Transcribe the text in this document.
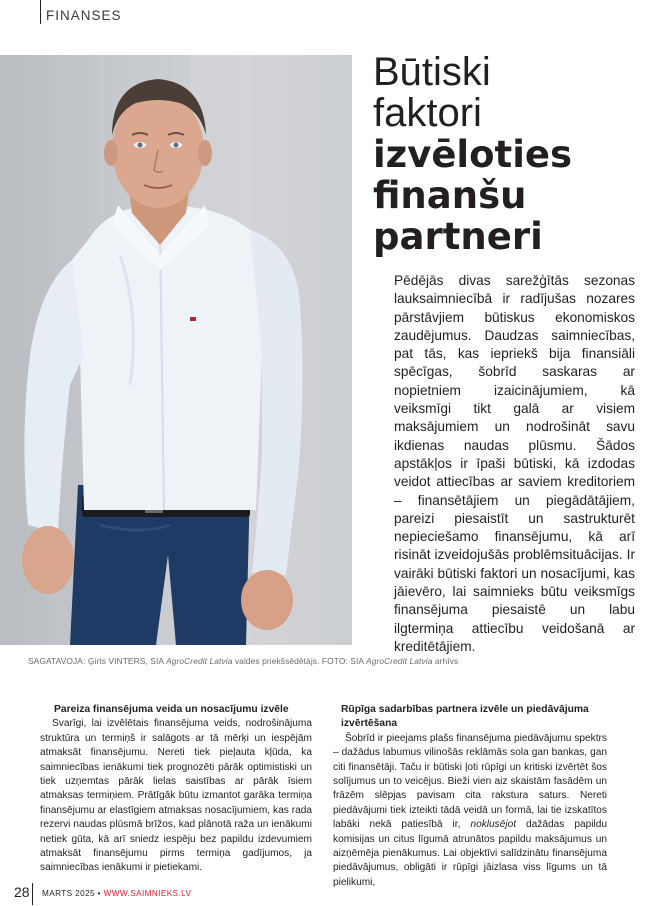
FINANSES
Būtiski
faktori
izvēloties
finanšu
partneri

Pēdējās divas sarežģītās sezonas lauksaimniecībā ir radījušas nozares pārstāvjiem būtiskus ekonomiskos zaudējumus. Daudzas saimniecības, pat tās, kas iepriekš bija finansiāli spēcīgas, šobrīd saskaras ar nopietniem izaicinājumiem, kā veiksmīgi tikt galā ar visiem maksājumiem un nodrošināt savu ikdienas naudas plūsmu. Šādos apstākļos ir īpaši būtiski, kā izdodas veidot attiecības ar saviem kreditoriem – finansētājiem un piegādātājiem, pareizi piesaistīt un sastrukturēt nepieciešamo finansējumu, kā arī risināt izveidojušās problēmsituācijas. Ir vairāki būtiski faktori un nosacījumi, kas jāievēro, lai saimnieks būtu veiksmīgs finansējuma piesaistē un labu ilgtermiņa attiecību veidošanā ar kreditētājiem.

SAGATAVOJA: Ģirts VINTERS, SIA AgroCredit Latvia valdes priekšsēdētājs. FOTO: SIA AgroCredit Latvia arhīvs
Pareiza finansējuma veida un nosacījumu izvēle

Svarīgi, lai izvēlētais finansējuma veids, nodrošinājuma struktūra un termiņš ir salāgots ar tā mērķi un iespējām atmaksāt finansējumu. Nereti tiek pieļauta kļūda, ka saimniecības ienākumi tiek prognozēti pārāk optimistiski un tiek uzņemtas pārāk lielas saistības ar pārāk īsiem atmaksas termiņiem. Prātīgāk būtu izmantot garāka termiņa finansējumu ar elastīgiem atmaksas nosacījumiem, kas rada rezervi naudas plūsmā brīžos, kad plānotā raža un ienākumi netiek gūta, kā arī sniedz iespēju bez papildu izdevumiem atmaksāt finansējumu pirms termiņa gadījumos, ja saimniecības ienākumi ir pietiekami.

Rūpīga sadarbības partnera izvēle un piedāvājuma izvērtēšana

Šobrīd ir pieejams plašs finansējuma piedāvājumu spektrs – dažādus labumus vilinošās reklāmās sola gan bankas, gan citi finansētāji. Taču ir būtiski ļoti rūpīgi un kritiski izvērtēt šos solījumus un to veicējus. Bieži vien aiz skaistām fasādēm un frāzēm slēpjas pavisam cita rakstura saturs. Nereti piedāvājumi tiek izteikti tādā veidā un formā, lai tie izskatītos labāki nekā patiesībā ir, noklusējot dažādas papildu komisijas un citus līgumā atrunātos papildu maksājumus un aizņēmēja pienākumus. Lai objektīvi salīdzinātu finansējuma piedāvājumus, obligāti ir rūpīgi jāizlasa viss līgums un tā pielikumi,

28 MARTS 2025 • WWW.SAIMNIEKS.LV
